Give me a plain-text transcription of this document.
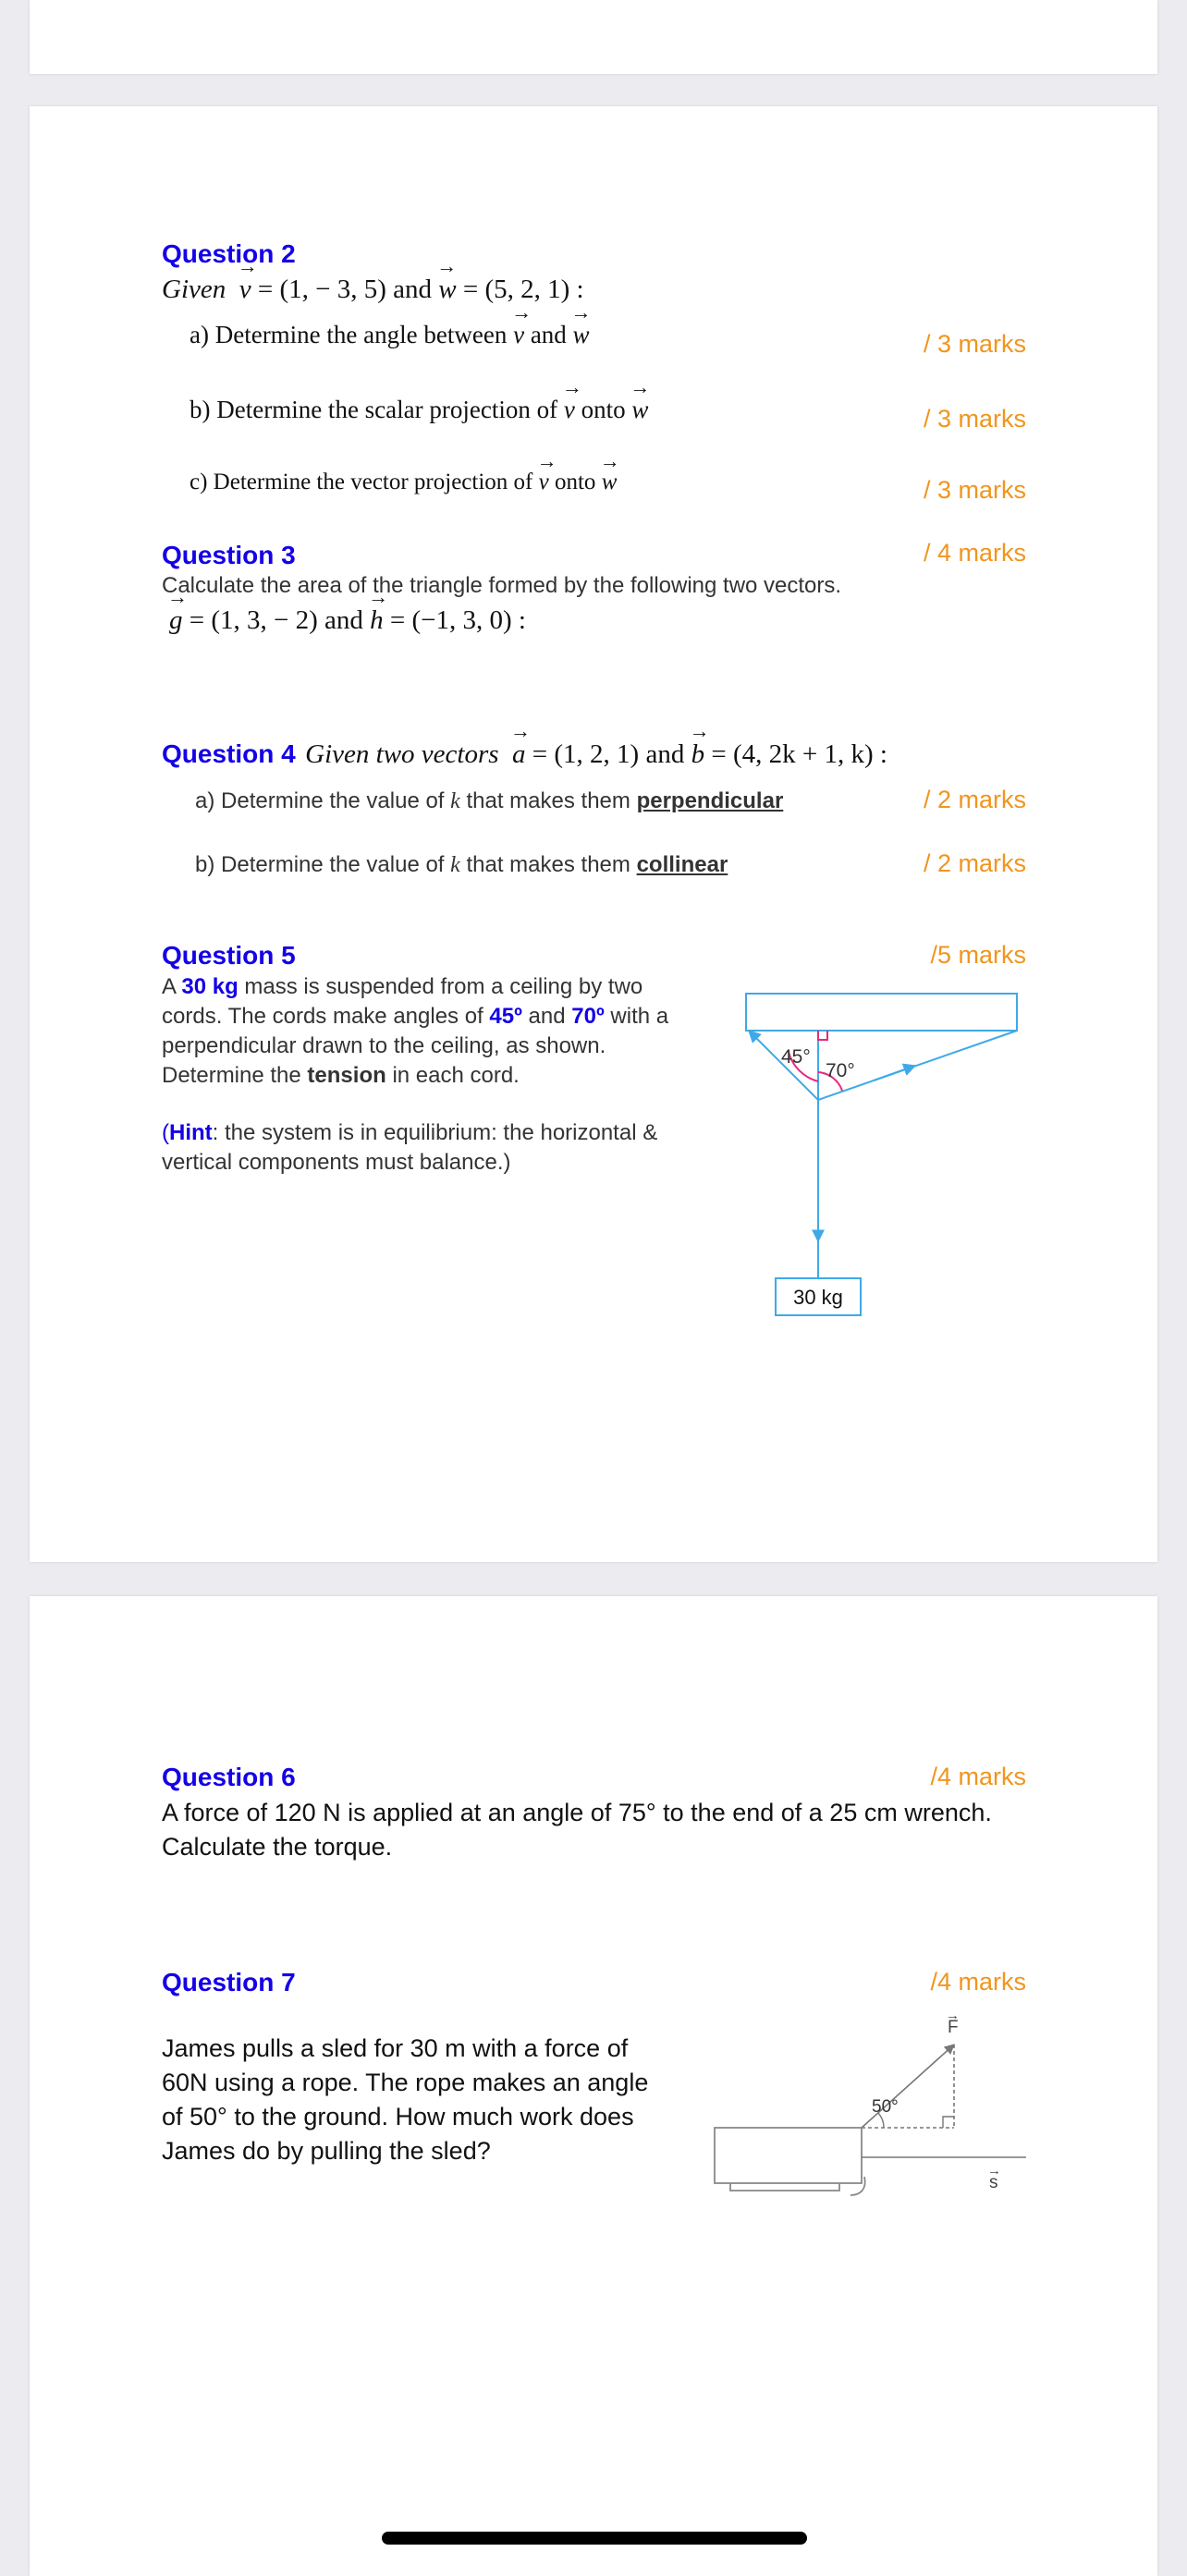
Question 2
Given → v = (1, − 3, 5) and → w = (5, 2, 1) :
a) Determine the angle between → v and → w	/ 3 marks
b) Determine the scalar projection of → v onto → w	/ 3 marks
c) Determine the vector projection of → v onto → w	/ 3 marks
Question 3	/ 4 marks
Calculate the area of the triangle formed by the following two vectors.
→ g = (1, 3, − 2) and → h = (−1, 3, 0) :
Question 4 Given two vectors → a = (1, 2, 1) and → b = (4, 2k + 1, k) :
a) Determine the value of k that makes them perpendicular	/ 2 marks
b) Determine the value of k that makes them collinear	/ 2 marks
Question 5	/5 marks
A 30 kg mass is suspended from a ceiling by two cords. The cords make angles of 45º and 70º with a perpendicular drawn to the ceiling, as shown. Determine the tension in each cord.
(Hint: the system is in equilibrium: the horizontal & vertical components must balance.)
45°
70°
30 kg
Question 6	/4 marks
A force of 120 N is applied at an angle of 75° to the end of a 25 cm wrench. Calculate the torque.
Question 7	/4 marks
James pulls a sled for 30 m with a force of 60N using a rope. The rope makes an angle of 50° to the ground. How much work does James do by pulling the sled?
F
→
50°
s
→
